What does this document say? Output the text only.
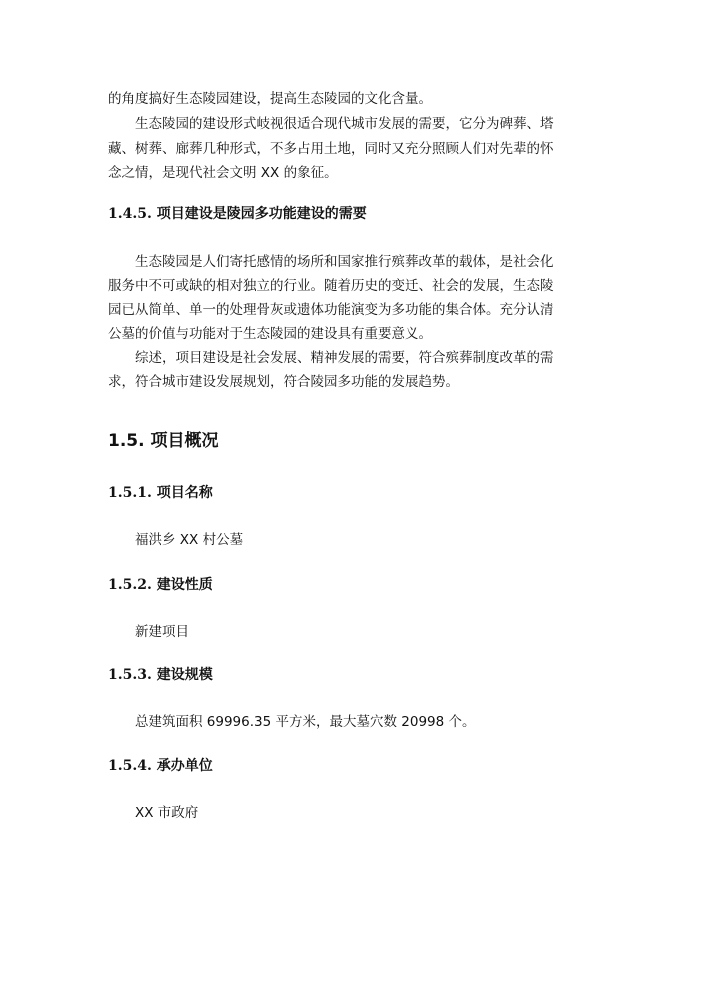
的角度搞好生态陵园建设，提高生态陵园的文化含量。
生态陵园的建设形式岐视很适合现代城市发展的需要，它分为碑葬、塔
藏、树葬、廊葬几种形式，不多占用土地，同时又充分照顾人们对先辈的怀
念之情，是现代社会文明 XX 的象征。
1.4.5. 项目建设是陵园多功能建设的需要
生态陵园是人们寄托感情的场所和国家推行殡葬改革的载体，是社会化
服务中不可或缺的相对独立的行业。随着历史的变迁、社会的发展，生态陵
园已从简单、单一的处理骨灰或遗体功能演变为多功能的集合体。充分认清
公墓的价值与功能对于生态陵园的建设具有重要意义。
综述，项目建设是社会发展、精神发展的需要，符合殡葬制度改革的需
求，符合城市建设发展规划，符合陵园多功能的发展趋势。
1.5. 项目概况
1.5.1. 项目名称
福洪乡 XX 村公墓
1.5.2. 建设性质
新建项目
1.5.3. 建设规模
总建筑面积 69996.35 平方米，最大墓穴数 20998 个。
1.5.4. 承办单位
XX 市政府
